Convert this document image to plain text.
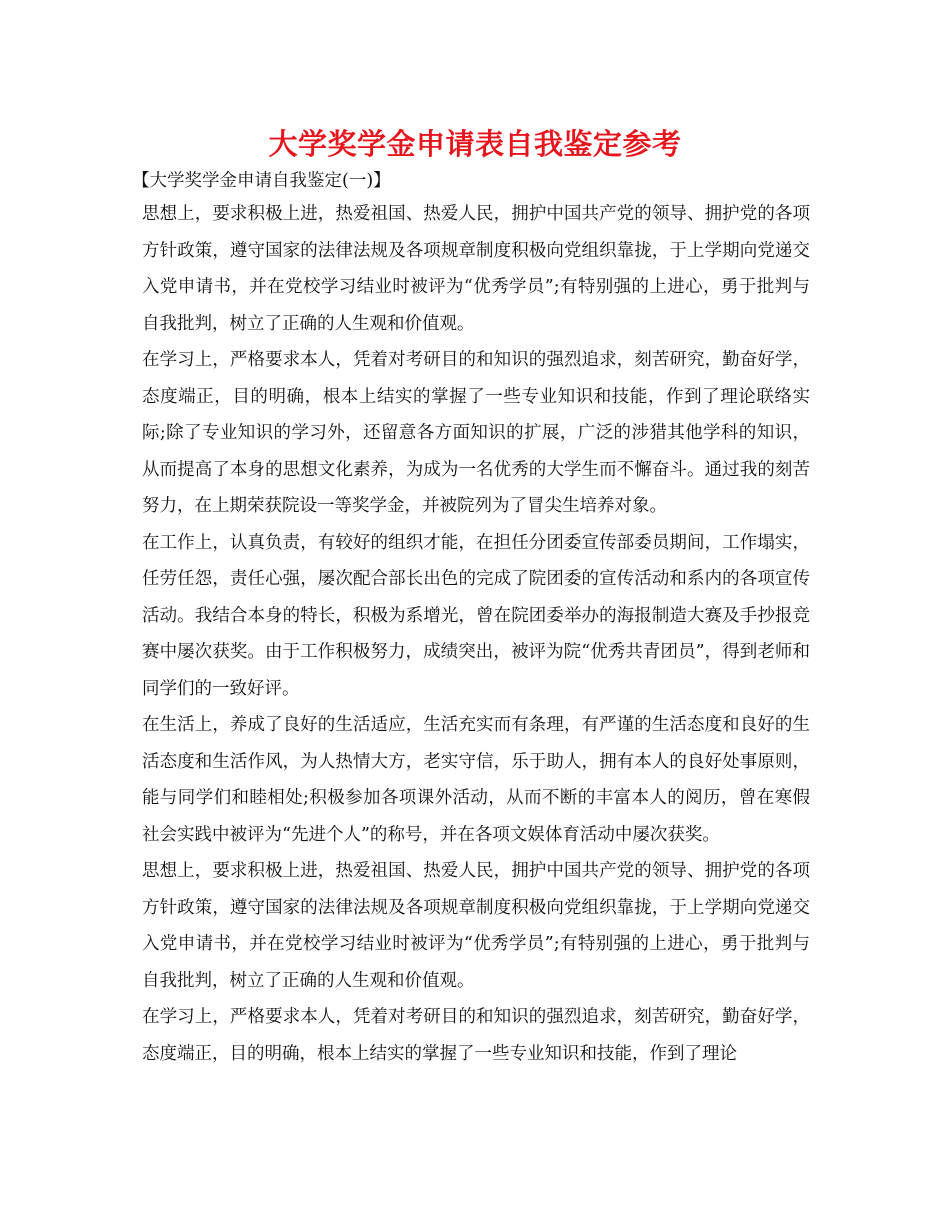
大学奖学金申请表自我鉴定参考
【大学奖学金申请自我鉴定(一)】

思想上，要求积极上进，热爱祖国、热爱人民，拥护中国共产党的领导、拥护党的各项方针政策，遵守国家的法律法规及各项规章制度积极向党组织靠拢，于上学期向党递交入党申请书，并在党校学习结业时被评为“优秀学员”;有特别强的上进心，勇于批判与自我批判，树立了正确的人生观和价值观。

在学习上，严格要求本人，凭着对考研目的和知识的强烈追求，刻苦研究，勤奋好学，态度端正，目的明确，根本上结实的掌握了一些专业知识和技能，作到了理论联络实际;除了专业知识的学习外，还留意各方面知识的扩展，广泛的涉猎其他学科的知识，从而提高了本身的思想文化素养，为成为一名优秀的大学生而不懈奋斗。通过我的刻苦努力，在上期荣获院设一等奖学金，并被院列为了冒尖生培养对象。

在工作上，认真负责，有较好的组织才能，在担任分团委宣传部委员期间，工作塌实，任劳任怨，责任心强，屡次配合部长出色的完成了院团委的宣传活动和系内的各项宣传活动。我结合本身的特长，积极为系增光，曾在院团委举办的海报制造大赛及手抄报竞赛中屡次获奖。由于工作积极努力，成绩突出，被评为院“优秀共青团员”，得到老师和同学们的一致好评。

在生活上，养成了良好的生活适应，生活充实而有条理，有严谨的生活态度和良好的生活态度和生活作风，为人热情大方，老实守信，乐于助人，拥有本人的良好处事原则，能与同学们和睦相处;积极参加各项课外活动，从而不断的丰富本人的阅历，曾在寒假社会实践中被评为“先进个人”的称号，并在各项文娱体育活动中屡次获奖。

思想上，要求积极上进，热爱祖国、热爱人民，拥护中国共产党的领导、拥护党的各项方针政策，遵守国家的法律法规及各项规章制度积极向党组织靠拢，于上学期向党递交入党申请书，并在党校学习结业时被评为“优秀学员”;有特别强的上进心，勇于批判与自我批判，树立了正确的人生观和价值观。

在学习上，严格要求本人，凭着对考研目的和知识的强烈追求，刻苦研究，勤奋好学，态度端正，目的明确，根本上结实的掌握了一些专业知识和技能，作到了理论
